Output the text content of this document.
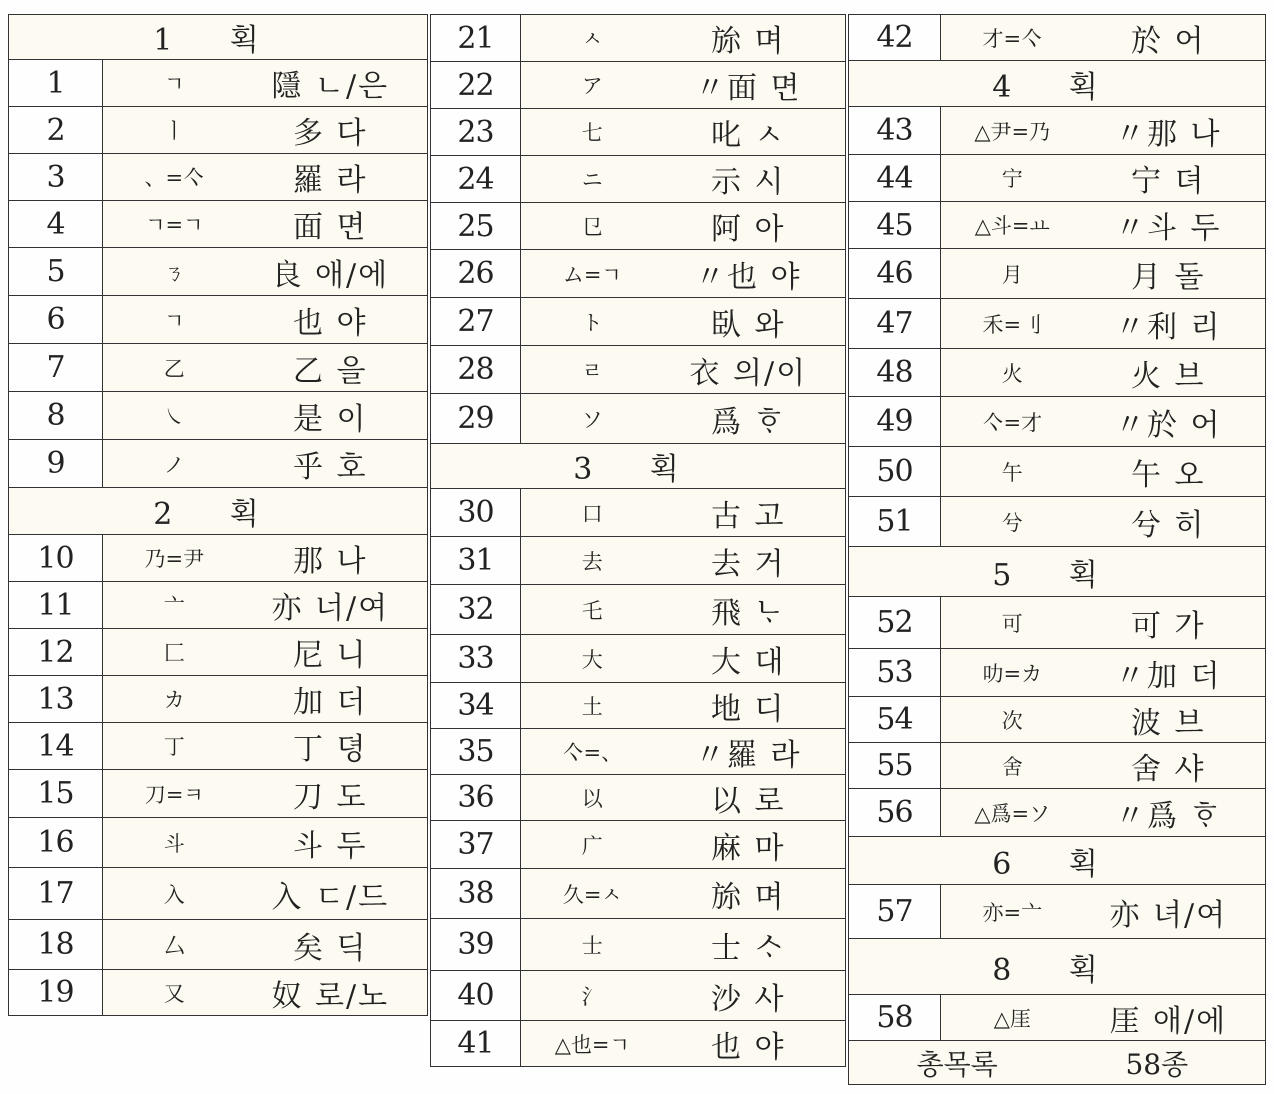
1 획	
1	ㄱ 隱 ㄴ/은

2	ㅣ 多 다

3	、=亽 羅 라

4	ㄱ=ㄱ 面 면

5	ㄋ 良 애/에

6	ㄱ 也 야

7	乙 乙 을

8	㇏ 是 이

9	ノ 乎 호

2 획	
10	乃=尹 那 나

11	亠 亦 너/여

12	匚 尼 니

13	カ 加 더

14	丁 丁 뎡

15	刀=ㅋ 刀 도

16	斗 斗 두

17	入 入 ㄷ/드

18	厶 矣 딕

19	又 奴 로/노
21	ㅅ 旀 며

22	ア 〃面 면

23	七 叱 ㅅ

24	ニ 示 시

25	㔾 阿 아

26	ム=ㄱ 〃也 야

27	ト 臥 와

28	ㄹ 衣 의/이

29	ソ 爲 ᄒᆞ

3 획	
30	口 古 고

31	去 去 거

32	乇 飛 ᄂᆞ

33	大 大 대

34	土 地 디

35	亽=、 〃羅 라

36	以 以 로

37	广 麻 마

38	久=ㅅ 旀 며

39	士 士 ᄉᆞ

40	氵 沙 사

41	△也=ㄱ 也 야
42	才=亽 於 어

4 획	
43	△尹=乃 〃那 나

44	宁 宁 뎌

45	△斗=ㅛ 〃斗 두

46	月 月 돌

47	禾=刂 〃利 리

48	火 火 브

49	亽=才 〃於 어

50	午 午 오

51	兮 兮 히

5 획	
52	可 可 가

53	叻=カ 〃加 더

54	次 波 브

55	舍 舍 샤

56	△爲=ソ 〃爲 ᄒᆞ

6 획	
57	亦=亠 亦 녀/여

8 획	
58	△厓 厓 애/에

총목록 58종	
